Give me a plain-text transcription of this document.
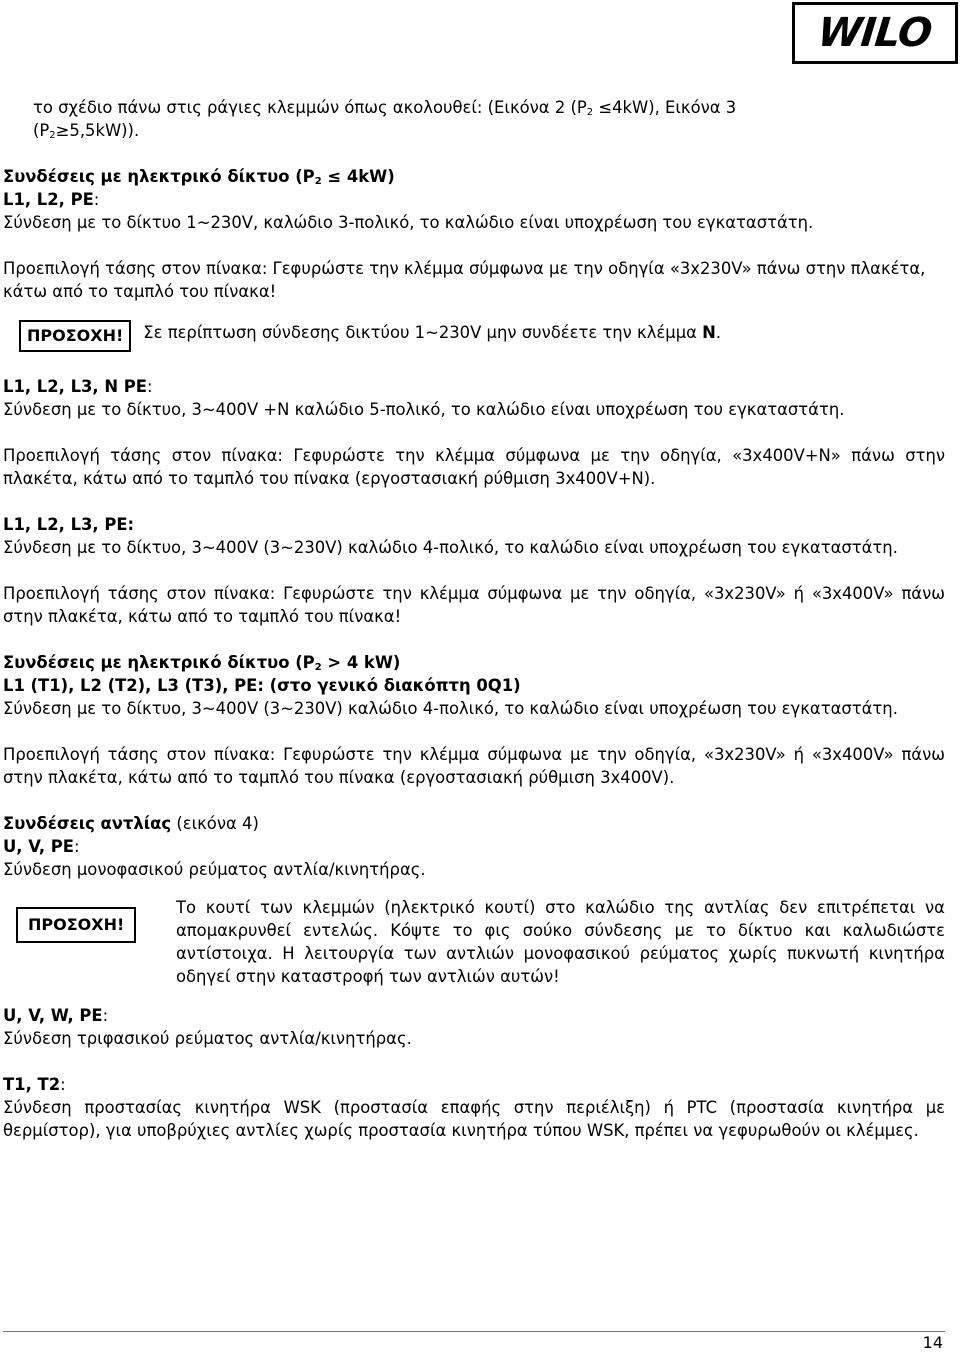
WILO

το σχέδιο πάνω στις ράγιες κλεμμών όπως ακολουθεί: (Εικόνα 2 $(P_2 \le 4kW)$, Εικόνα 3

$(P_2\ge 5,5kW)$).

Συνδέσεις με ηλεκτρικό δίκτυο $(P_2 \le 4kW)$

L1, L2, PE:

Σύνδεση με το δίκτυο 1~230V, καλώδιο 3-πολικό, το καλώδιο είναι υποχρέωση του εγκαταστάτη.

Προεπιλογή τάσης στον πίνακα: Γεφυρώστε την κλέμμα σύμφωνα με την οδηγία «3x230V» πάνω στην πλακέτα, κάτω από το ταμπλό του πίνακα!

ΠΡΟΣΟΧΗ!	Σε περίπτωση σύνδεσης δικτύου 1~230V μην συνδέετε την κλέμμα N.

L1, L2, L3, N PE:

Σύνδεση με το δίκτυο, 3~400V +N καλώδιο 5-πολικό, το καλώδιο είναι υποχρέωση του εγκαταστάτη.

Προεπιλογή τάσης στον πίνακα: Γεφυρώστε την κλέμμα σύμφωνα με την οδηγία, «3x400V+N» πάνω στην πλακέτα, κάτω από το ταμπλό του πίνακα (εργοστασιακή ρύθμιση 3x400V+N).

L1, L2, L3, PE:

Σύνδεση με το δίκτυο, 3~400V (3~230V) καλώδιο 4-πολικό, το καλώδιο είναι υποχρέωση του εγκαταστάτη.

Προεπιλογή τάσης στον πίνακα: Γεφυρώστε την κλέμμα σύμφωνα με την οδηγία, «3x230V» ή «3x400V» πάνω στην πλακέτα, κάτω από το ταμπλό του πίνακα!

Συνδέσεις με ηλεκτρικό δίκτυο ($P_2 > 4$ kW)

L1 (T1), L2 (T2), L3 (T3), PE: (στο γενικό διακόπτη 0Q1)

Σύνδεση με το δίκτυο, 3~400V (3~230V) καλώδιο 4-πολικό, το καλώδιο είναι υποχρέωση του εγκαταστάτη.

Προεπιλογή τάσης στον πίνακα: Γεφυρώστε την κλέμμα σύμφωνα με την οδηγία, «3x230V» ή «3x400V» πάνω στην πλακέτα, κάτω από το ταμπλό του πίνακα (εργοστασιακή ρύθμιση 3x400V).

Συνδέσεις αντλίας (εικόνα 4)

U, V, PE:

Σύνδεση μονοφασικού ρεύματος αντλία/κινητήρας.

ΠΡΟΣΟΧΗ!

Το κουτί των κλεμμών (ηλεκτρικό κουτί) στο καλώδιο της αντλίας δεν επιτρέπεται να απομακρυνθεί εντελώς. Κόψτε το φις σούκο σύνδεσης με το δίκτυο και καλωδιώστε αντίστοιχα. Η λειτουργία των αντλιών μονοφασικού ρεύματος χωρίς πυκνωτή κινητήρα οδηγεί στην καταστροφή των αντλιών αυτών!

U, V, W, PE:

Σύνδεση τριφασικού ρεύματος αντλία/κινητήρας.

T1, T2:

Σύνδεση προστασίας κινητήρα WSK (προστασία επαφής στην περιέλιξη) ή PTC (προστασία κινητήρα με θερμίστορ), για υποβρύχιες αντλίες χωρίς προστασία κινητήρα τύπου WSK, πρέπει να γεφυρωθούν οι κλέμμες.

14
